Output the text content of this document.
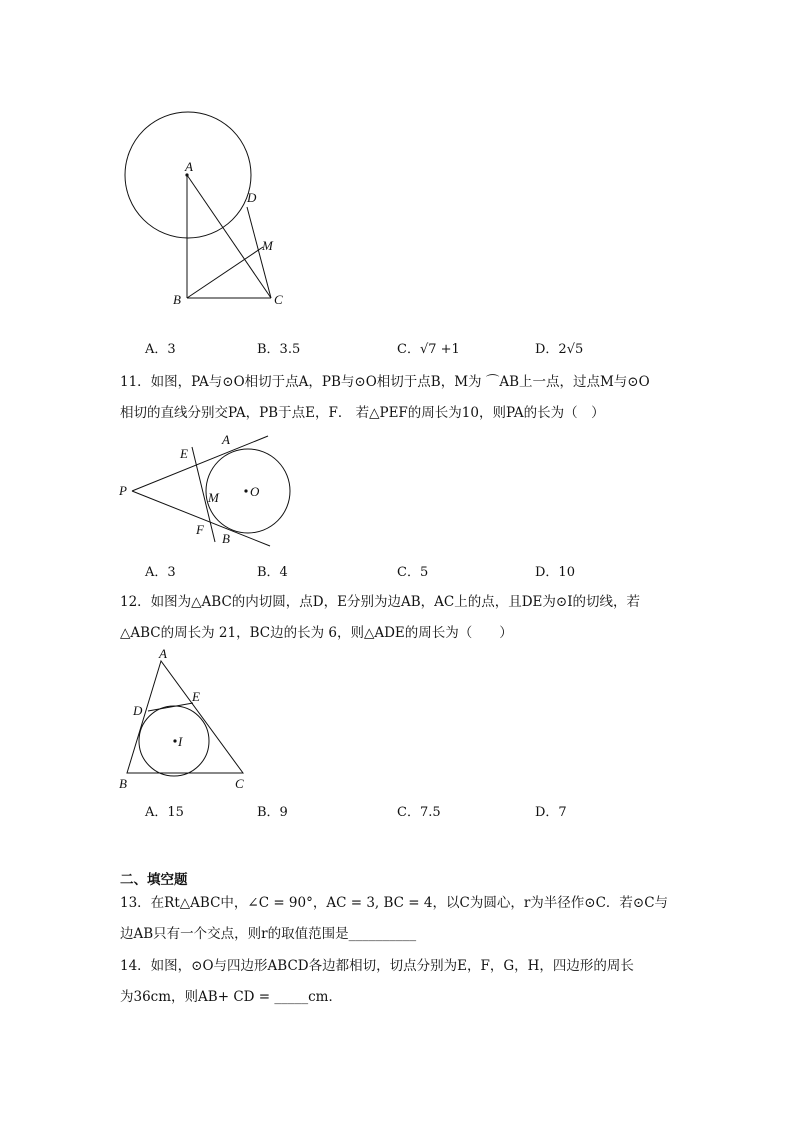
A
B	C
D
M
A．3	B．3.5	C．√7 +1	D．2√5
11．如图，PA与⊙O相切于点A，PB与⊙O相切于点B，M为 ⌒AB上一点，过点M与⊙O
相切的直线分别交PA，PB于点E，F． 若△PEF的周长为10，则PA的长为（　）
A
E
P	M O
F
B
A．3	B．4	C．5	D．10
12．如图为△ABC的内切圆，点D，E分别为边AB，AC上的点，且DE为⊙I的切线，若
△ABC的周长为 21，BC边的长为 6，则△ADE的周长为（　　）
A
D
E
I
B	C
A．15	B．9	C．7.5	D．7
二、填空题
13．在Rt△ABC中，∠C = 90°，AC = 3, BC = 4，以C为圆心，r为半径作⊙C．若⊙C与
边AB只有一个交点，则r的取值范围是__________
14．如图，⊙O与四边形ABCD各边都相切，切点分别为E，F，G，H，四边形的周长
为36cm，则AB+ CD = _____cm．
